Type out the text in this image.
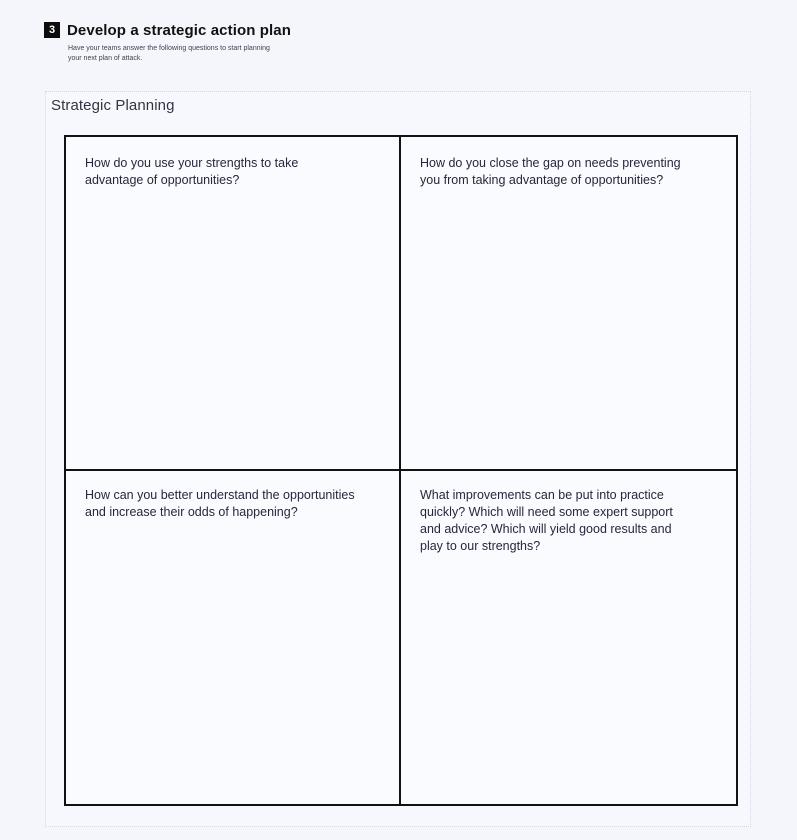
3 Develop a strategic action plan
Have your teams answer the following questions to start planning your next plan of attack.
Strategic Planning

How do you use your strengths to take advantage of opportunities?

How do you close the gap on needs preventing you from taking advantage of opportunities?

How can you better understand the opportunities and increase their odds of happening?

What improvements can be put into practice quickly? Which will need some expert support and advice? Which will yield good results and play to our strengths?
